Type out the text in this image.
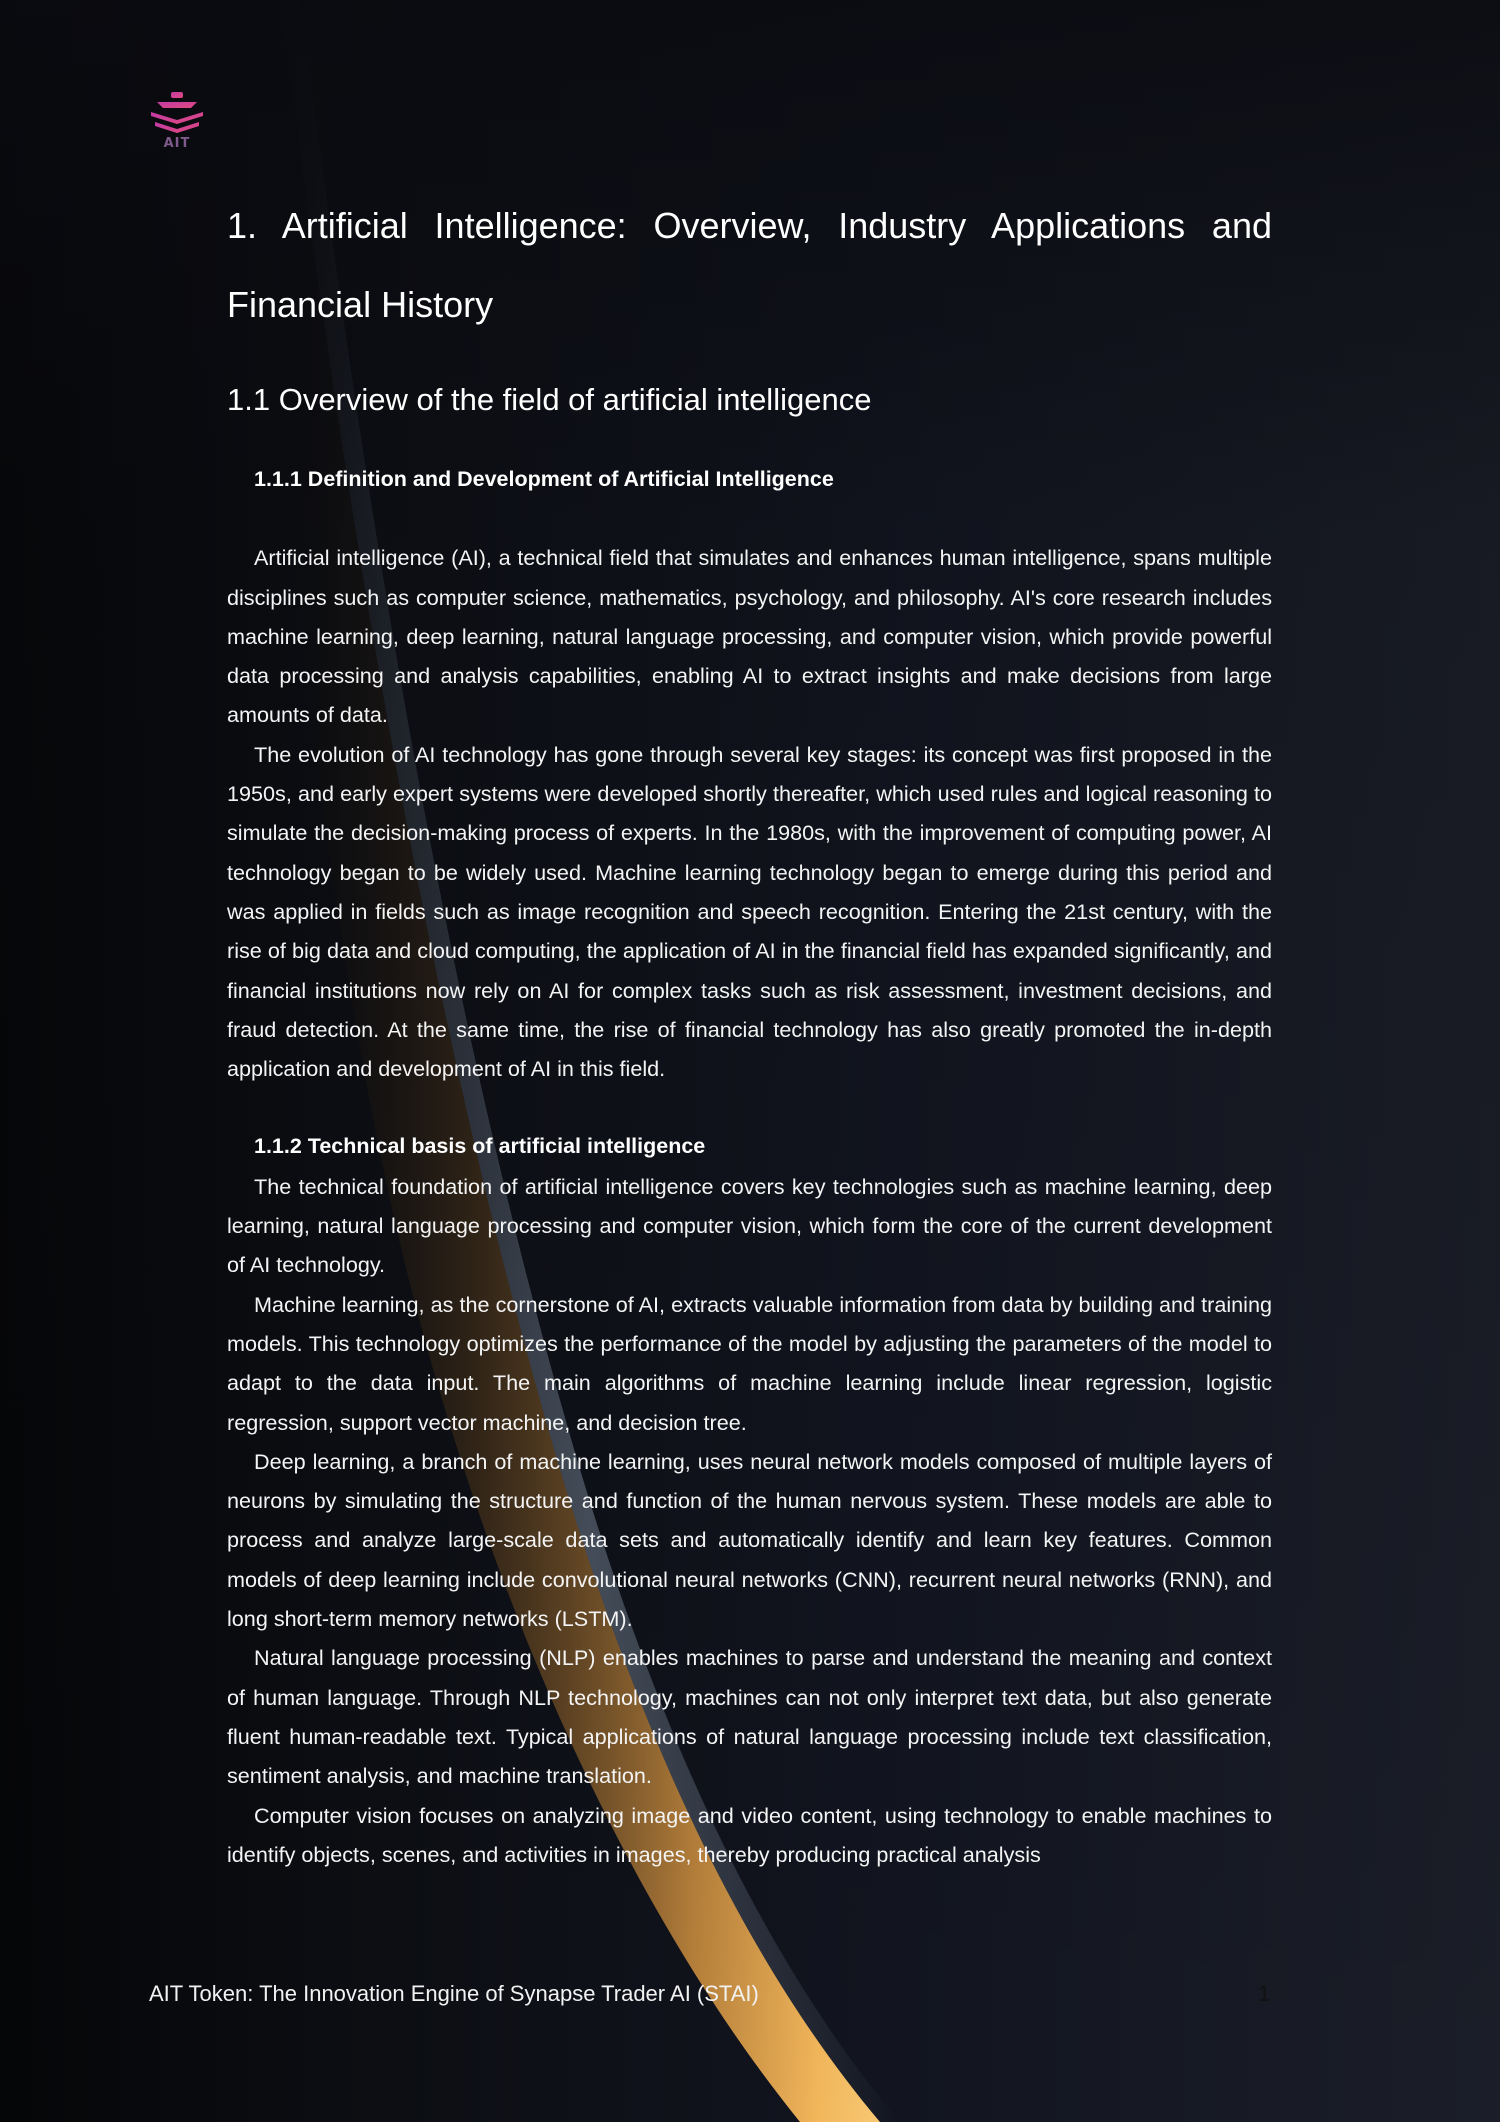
AIT
1. Artificial Intelligence: Overview, Industry Applications and Financial History
1.1 Overview of the field of artificial intelligence
1.1.1 Definition and Development of Artificial Intelligence

Artificial intelligence (AI), a technical field that simulates and enhances human intelligence, spans multiple disciplines such as computer science, mathematics, psychology, and philosophy. AI's core research includes machine learning, deep learning, natural language processing, and computer vision, which provide powerful data processing and analysis capabilities, enabling AI to extract insights and make decisions from large amounts of data.

The evolution of AI technology has gone through several key stages: its concept was first proposed in the 1950s, and early expert systems were developed shortly thereafter, which used rules and logical reasoning to simulate the decision-making process of experts. In the 1980s, with the improvement of computing power, AI technology began to be widely used. Machine learning technology began to emerge during this period and was applied in fields such as image recognition and speech recognition. Entering the 21st century, with the rise of big data and cloud computing, the application of AI in the financial field has expanded significantly, and financial institutions now rely on AI for complex tasks such as risk assessment, investment decisions, and fraud detection. At the same time, the rise of financial technology has also greatly promoted the in-depth application and development of AI in this field.

1.1.2 Technical basis of artificial intelligence

The technical foundation of artificial intelligence covers key technologies such as machine learning, deep learning, natural language processing and computer vision, which form the core of the current development of AI technology.

Machine learning, as the cornerstone of AI, extracts valuable information from data by building and training models. This technology optimizes the performance of the model by adjusting the parameters of the model to adapt to the data input. The main algorithms of machine learning include linear regression, logistic regression, support vector machine, and decision tree.

Deep learning, a branch of machine learning, uses neural network models composed of multiple layers of neurons by simulating the structure and function of the human nervous system. These models are able to process and analyze large-scale data sets and automatically identify and learn key features. Common models of deep learning include convolutional neural networks (CNN), recurrent neural networks (RNN), and long short-term memory networks (LSTM).

Natural language processing (NLP) enables machines to parse and understand the meaning and context of human language. Through NLP technology, machines can not only interpret text data, but also generate fluent human-readable text. Typical applications of natural language processing include text classification, sentiment analysis, and machine translation.

Computer vision focuses on analyzing image and video content, using technology to enable machines to identify objects, scenes, and activities in images, thereby producing practical analysis

AIT Token: The Innovation Engine of Synapse Trader AI (STAI)	1
